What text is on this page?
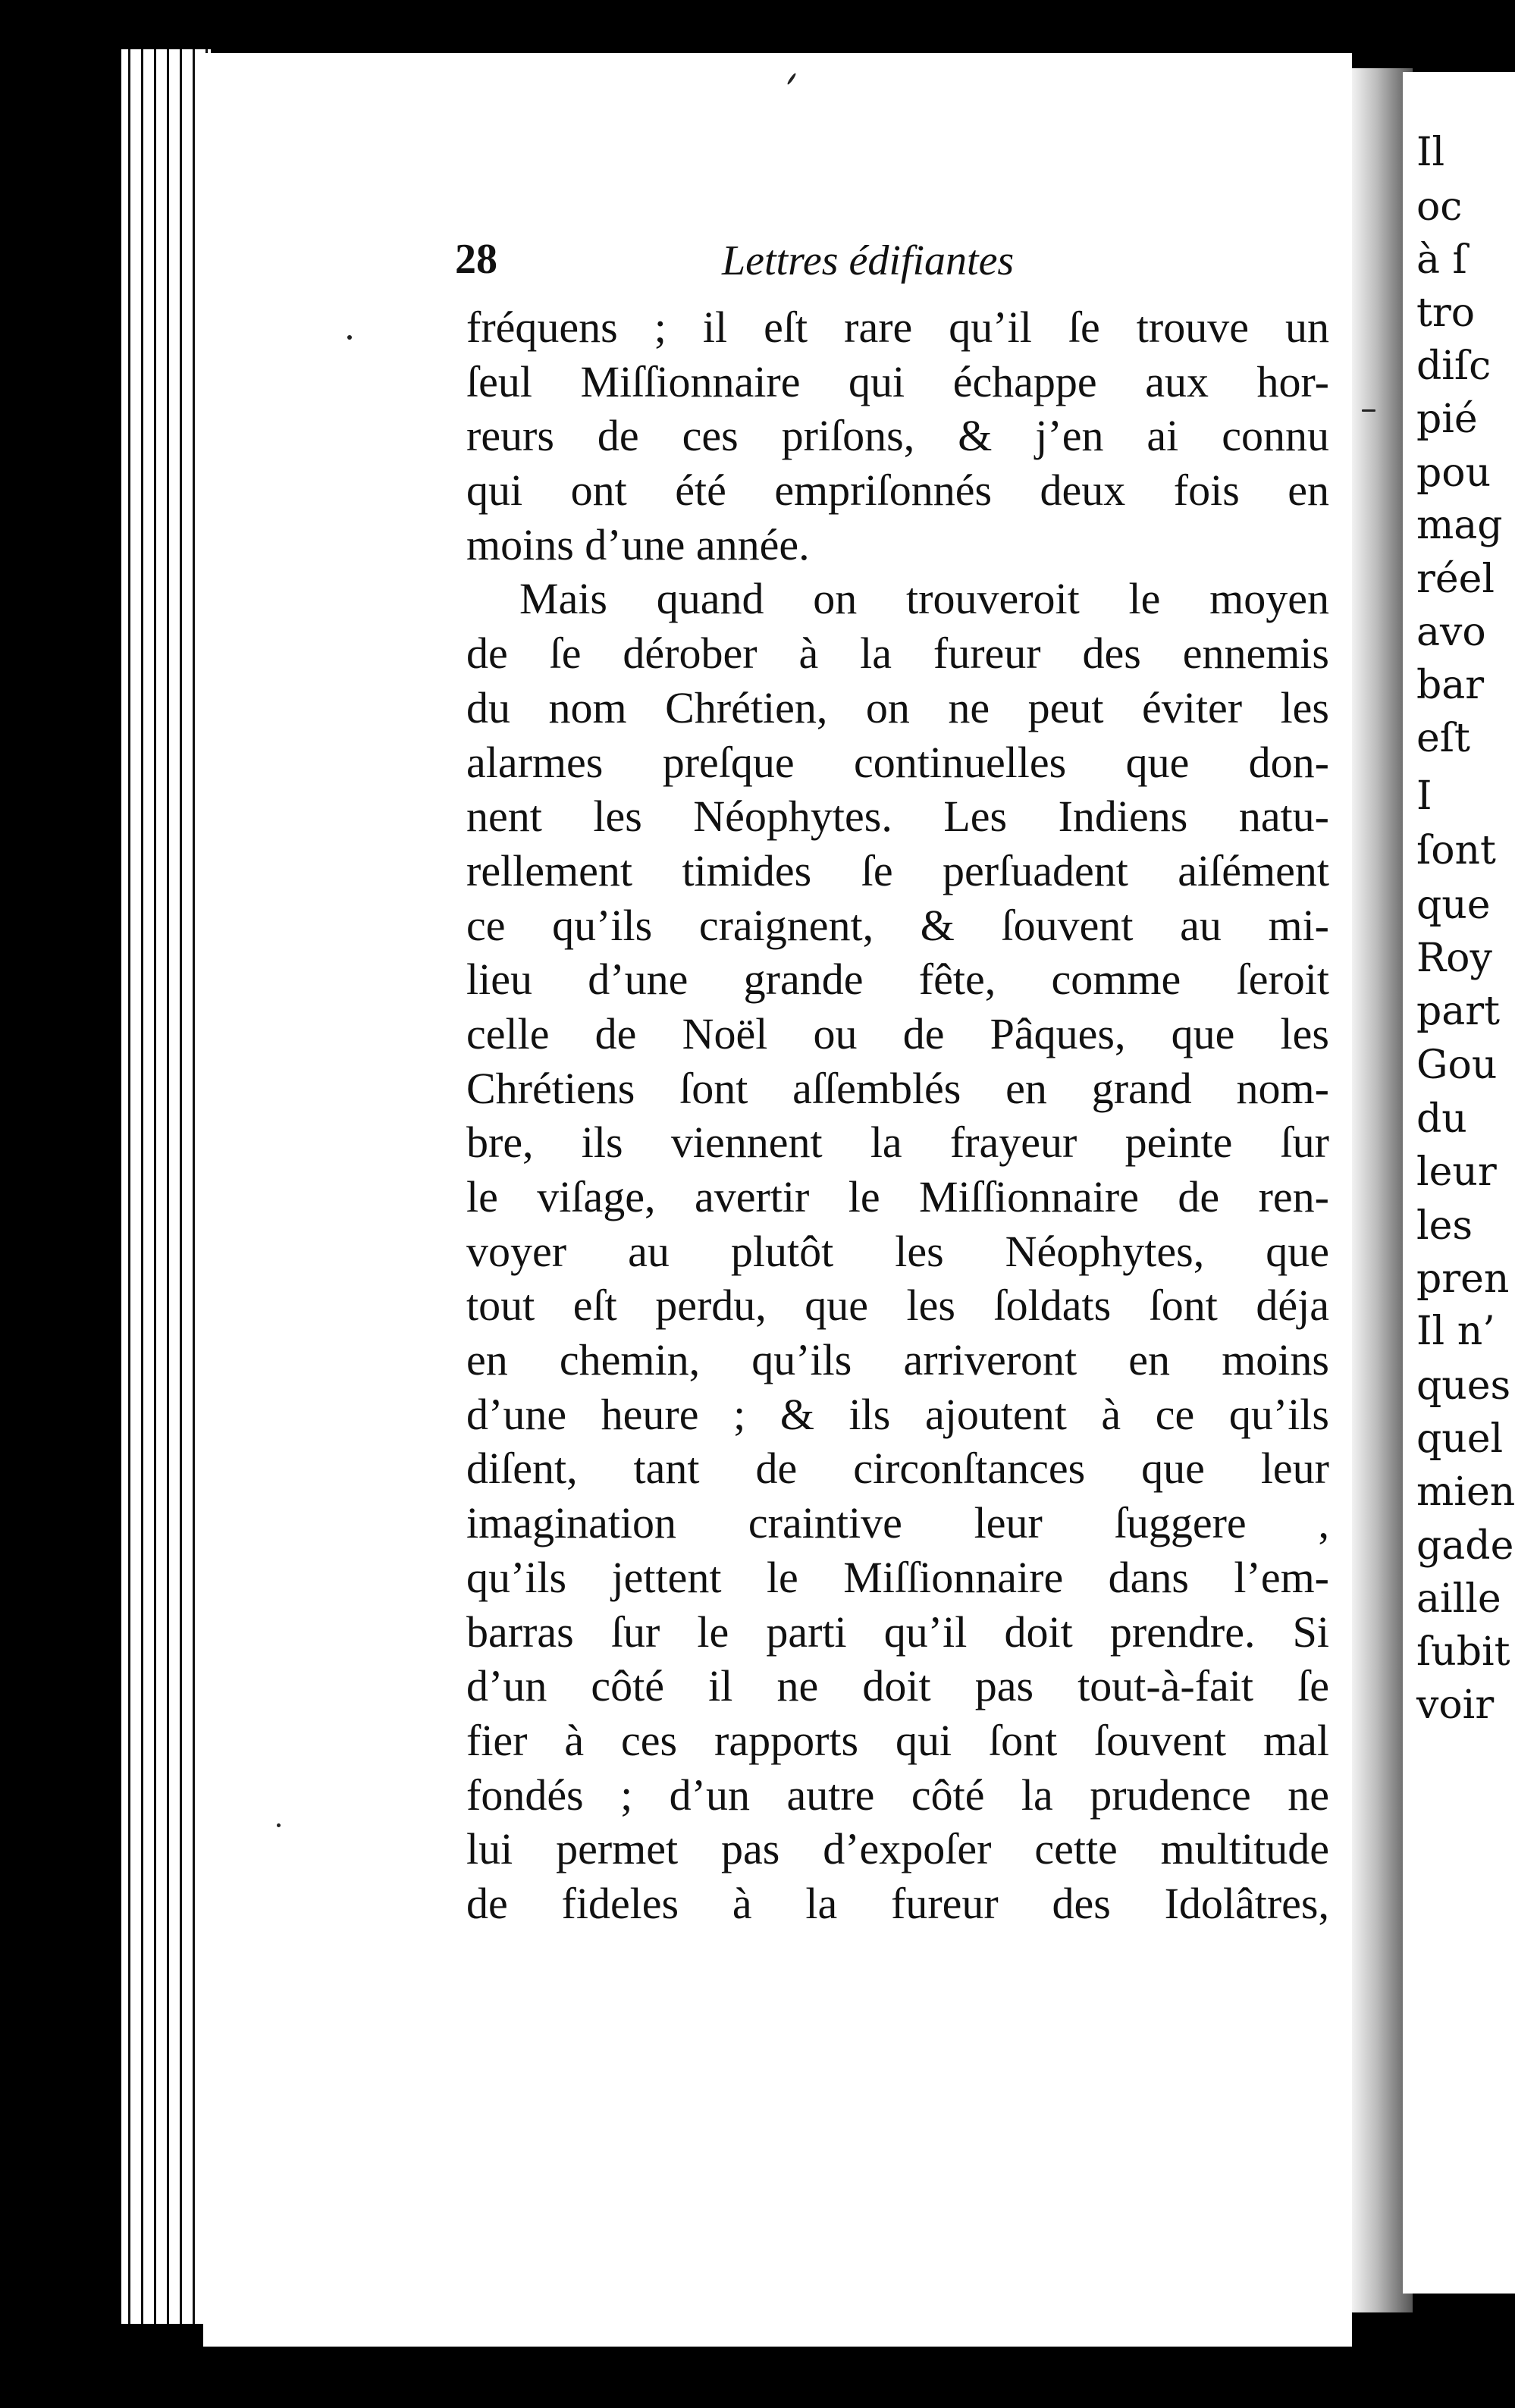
Il

oc

à ſ

tro

diſc

pié

pou

mag

réel

avo

bar

eſt

I

ſont

que

Roy

part

Gou

du

leur

les

pren

Il n’

ques

quel

mien

gade

aille

ſubit

voir

28	Lettres édifiantes
fréquens ; il eſt rare qu’il ſe trouve un
ſeul Miſſionnaire qui échappe aux hor-
reurs de ces priſons, & j’en ai connu
qui ont été empriſonnés deux fois en
moins d’une année.
Mais quand on trouveroit le moyen
de ſe dérober à la fureur des ennemis
du nom Chrétien, on ne peut éviter les
alarmes preſque continuelles que don-
nent les Néophytes. Les Indiens natu-
rellement timides ſe perſuadent aiſément
ce qu’ils craignent, & ſouvent au mi-
lieu d’une grande fête, comme ſeroit
celle de Noël ou de Pâques, que les
Chrétiens ſont aſſemblés en grand nom-
bre, ils viennent la frayeur peinte ſur
le viſage, avertir le Miſſionnaire de ren-
voyer au plutôt les Néophytes, que
tout eſt perdu, que les ſoldats ſont déja
en chemin, qu’ils arriveront en moins
d’une heure ; & ils ajoutent à ce qu’ils
diſent, tant de circonſtances que leur
imagination craintive leur ſuggere ,
qu’ils jettent le Miſſionnaire dans l’em-
barras ſur le parti qu’il doit prendre. Si
d’un côté il ne doit pas tout-à-fait ſe
fier à ces rapports qui ſont ſouvent mal
fondés ; d’un autre côté la prudence ne
lui permet pas d’expoſer cette multitude
de fideles à la fureur des Idolâtres,
